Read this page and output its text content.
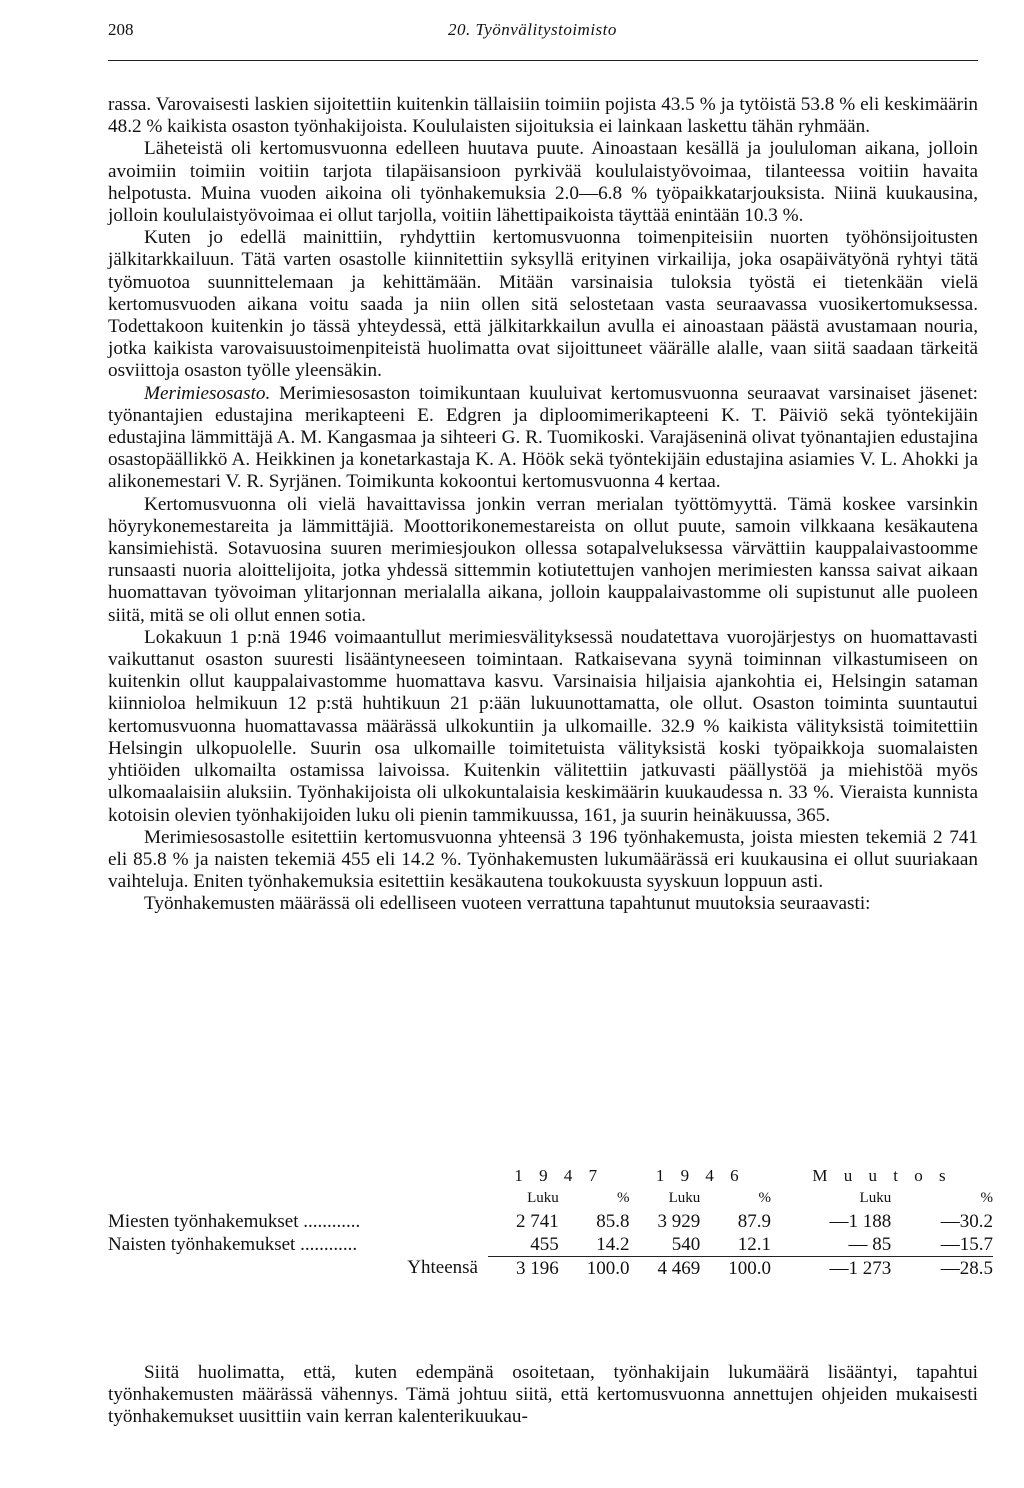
208	20. Työnvälitystoimisto

rassa. Varovaisesti laskien sijoitettiin kuitenkin tällaisiin toimiin pojista 43.5 % ja tytöistä 53.8 % eli keskimäärin 48.2 % kaikista osaston työnhakijoista. Koululaisten sijoituksia ei lainkaan laskettu tähän ryhmään.

Läheteistä oli kertomusvuonna edelleen huutava puute. Ainoastaan kesällä ja joululoman aikana, jolloin avoimiin toimiin voitiin tarjota tilapäisansioon pyrkivää koululaistyövoimaa, tilanteessa voitiin havaita helpotusta. Muina vuoden aikoina oli työnhakemuksia 2.0—6.8 % työpaikkatarjouksista. Niinä kuukausina, jolloin koululaistyövoimaa ei ollut tarjolla, voitiin lähettipaikoista täyttää enintään 10.3 %.

Kuten jo edellä mainittiin, ryhdyttiin kertomusvuonna toimenpiteisiin nuorten työhönsijoitusten jälkitarkkailuun. Tätä varten osastolle kiinnitettiin syksyllä erityinen virkailija, joka osapäivätyönä ryhtyi tätä työmuotoa suunnittelemaan ja kehittämään. Mitään varsinaisia tuloksia työstä ei tietenkään vielä kertomusvuoden aikana voitu saada ja niin ollen sitä selostetaan vasta seuraavassa vuosikertomuksessa. Todettakoon kuitenkin jo tässä yhteydessä, että jälkitarkkailun avulla ei ainoastaan päästä avustamaan nouria, jotka kaikista varovaisuustoimenpiteistä huolimatta ovat sijoittuneet väärälle alalle, vaan siitä saadaan tärkeitä osviittoja osaston työlle yleensäkin.

Merimiesosasto. Merimiesosaston toimikuntaan kuuluivat kertomusvuonna seuraavat varsinaiset jäsenet: työnantajien edustajina merikapteeni E. Edgren ja diploomimerikapteeni K. T. Päiviö sekä työntekijäin edustajina lämmittäjä A. M. Kangasmaa ja sihteeri G. R. Tuomikoski. Varajäseninä olivat työnantajien edustajina osastopäällikkö A. Heikkinen ja konetarkastaja K. A. Höök sekä työntekijäin edustajina asiamies V. L. Ahokki ja alikonemestari V. R. Syrjänen. Toimikunta kokoontui kertomusvuonna 4 kertaa.

Kertomusvuonna oli vielä havaittavissa jonkin verran merialan työttömyyttä. Tämä koskee varsinkin höyrykonemestareita ja lämmittäjiä. Moottorikonemestareista on ollut puute, samoin vilkkaana kesäkautena kansimiehistä. Sotavuosina suuren merimiesjoukon ollessa sotapalveluksessa värvättiin kauppalaivastoomme runsaasti nuoria aloittelijoita, jotka yhdessä sittemmin kotiutettujen vanhojen merimiesten kanssa saivat aikaan huomattavan työvoiman ylitarjonnan merialalla aikana, jolloin kauppalaivastomme oli supistunut alle puoleen siitä, mitä se oli ollut ennen sotia.

Lokakuun 1 p:nä 1946 voimaantullut merimiesvälityksessä noudatettava vuorojärjestys on huomattavasti vaikuttanut osaston suuresti lisääntyneeseen toimintaan. Ratkaisevana syynä toiminnan vilkastumiseen on kuitenkin ollut kauppalaivastomme huomattava kasvu. Varsinaisia hiljaisia ajankohtia ei, Helsingin sataman kiinnioloa helmikuun 12 p:stä huhtikuun 21 p:ään lukuunottamatta, ole ollut. Osaston toiminta suuntautui kertomusvuonna huomattavassa määrässä ulkokuntiin ja ulkomaille. 32.9 % kaikista välityksistä toimitettiin Helsingin ulkopuolelle. Suurin osa ulkomaille toimitetuista välityksistä koski työpaikkoja suomalaisten yhtiöiden ulkomailta ostamissa laivoissa. Kuitenkin välitettiin jatkuvasti päällystöä ja miehistöä myös ulkomaalaisiin aluksiin. Työnhakijoista oli ulkokuntalaisia keskimäärin kuukaudessa n. 33 %. Vieraista kunnista kotoisin olevien työnhakijoiden luku oli pienin tammikuussa, 161, ja suurin heinäkuussa, 365.

Merimiesosastolle esitettiin kertomusvuonna yhteensä 3 196 työnhakemusta, joista miesten tekemiä 2 741 eli 85.8 % ja naisten tekemiä 455 eli 14.2 %. Työnhakemusten lukumäärässä eri kuukausina ei ollut suuriakaan vaihteluja. Eniten työnhakemuksia esitettiin kesäkautena toukokuusta syyskuun loppuun asti.

Työnhakemusten määrässä oli edelliseen vuoteen verrattuna tapahtunut muutoksia seuraavasti:

	1 9 4 7		1 9 4 6		M u u t o s	
	Luku	%	Luku	%	Luku	%
Miesten työnhakemukset ............	2 741	85.8	3 929	87.9	—1 188	—30.2
Naisten työnhakemukset ............	455	14.2	540	12.1	— 85	—15.7
Yhteensä	3 196	100.0	4 469	100.0	—1 273	—28.5

Siitä huolimatta, että, kuten edempänä osoitetaan, työnhakijain lukumäärä lisääntyi, tapahtui työnhakemusten määrässä vähennys. Tämä johtuu siitä, että kertomusvuonna annettujen ohjeiden mukaisesti työnhakemukset uusittiin vain kerran kalenterikuukau-
